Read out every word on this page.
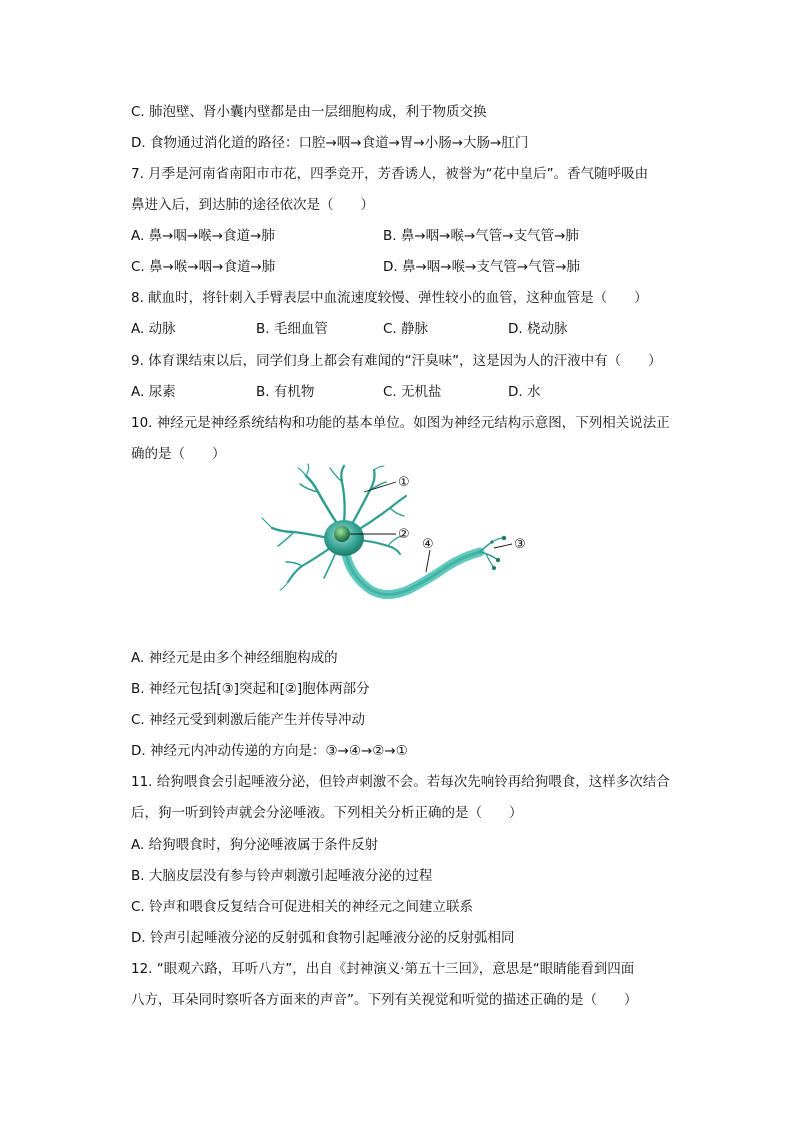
C. 肺泡壁、肾小囊内壁都是由一层细胞构成，利于物质交换
D. 食物通过消化道的路径：口腔→咽→食道→胃→小肠→大肠→肛门
7. 月季是河南省南阳市市花，四季竞开，芳香诱人，被誉为“花中皇后”。香气随呼吸由
鼻进入后，到达肺的途径依次是（　　）
A. 鼻→咽→喉→食道→肺	B. 鼻→咽→喉→气管→支气管→肺
C. 鼻→喉→咽→食道→肺	D. 鼻→咽→喉→支气管→气管→肺
8. 献血时，将针刺入手臂表层中血流速度较慢、弹性较小的血管，这种血管是（　　）
A. 动脉	B. 毛细血管	C. 静脉	D. 桡动脉
9. 体育课结束以后，同学们身上都会有难闻的“汗臭味”，这是因为人的汗液中有（　　）
A. 尿素	B. 有机物	C. 无机盐	D. 水
10. 神经元是神经系统结构和功能的基本单位。如图为神经元结构示意图，下列相关说法正
确的是（　　）
①
②
③
④
A. 神经元是由多个神经细胞构成的
B. 神经元包括[③]突起和[②]胞体两部分
C. 神经元受到刺激后能产生并传导冲动
D. 神经元内冲动传递的方向是：③→④→②→①
11. 给狗喂食会引起唾液分泌，但铃声刺激不会。若每次先响铃再给狗喂食，这样多次结合
后，狗一听到铃声就会分泌唾液。下列相关分析正确的是（　　）
A. 给狗喂食时，狗分泌唾液属于条件反射
B. 大脑皮层没有参与铃声刺激引起唾液分泌的过程
C. 铃声和喂食反复结合可促进相关的神经元之间建立联系
D. 铃声引起唾液分泌的反射弧和食物引起唾液分泌的反射弧相同
12. “眼观六路，耳听八方”，出自《封神演义·第五十三回》，意思是“眼睛能看到四面
八方，耳朵同时察听各方面来的声音”。下列有关视觉和听觉的描述正确的是（　　）
